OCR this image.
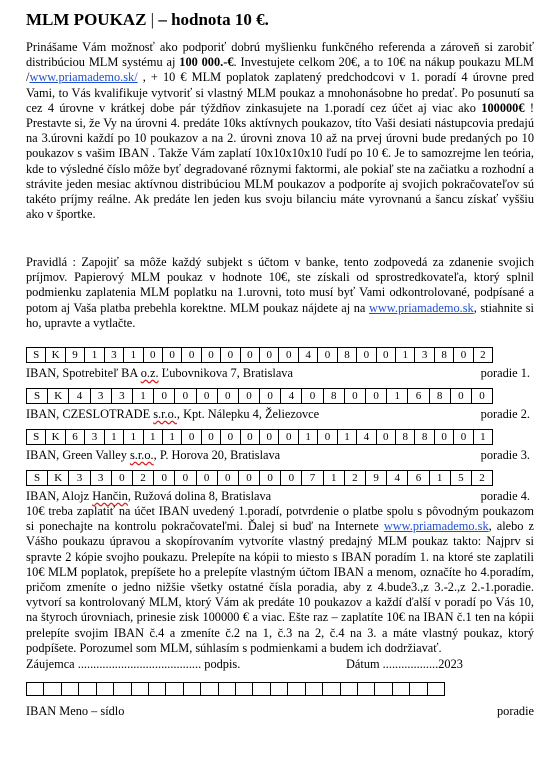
MLM POUKAZ | – hodnota 10 €.

Prinášame Vám možnosť ako podporiť dobrú myšlienku funkčného referenda a zároveň si zarobiť distribúciou MLM systému aj 100 000.-€. Investujete celkom 20€, a to 10€ na nákup poukazu MLM /www.priamademo.sk/ , + 10 € MLM poplatok zaplatený predchodcovi v 1. poradí 4 úrovne pred Vami, to Vás kvalifikuje vytvoriť si vlastný MLM poukaz a mnohonásobne ho predať. Po posunutí sa cez 4 úrovne v krátkej dobe pár týždňov zinkasujete na 1.poradí cez účet aj viac ako 100000€ ! Prestavte si, že Vy na úrovni 4. predáte 10ks aktívnych poukazov, títo Vaši desiati nástupcovia predajú na 3.úrovni každí po 10 poukazov a na 2. úrovni znova 10 až na prvej úrovni bude predaných po 10 poukazov s vašim IBAN . Takže Vám zaplatí 10x10x10x10 ľudí po 10 €. Je to samozrejme len teória, kde to výsledné číslo môže byť degradované rôznymi faktormi, ale pokiaľ ste na začiatku a rozhodní a strávite jeden mesiac aktívnou distribúciou MLM poukazov a podporíte aj svojich pokračovateľov sú takéto príjmy reálne. Ak predáte len jeden kus svoju bilanciu máte vyrovnanú a šancu získať vyššiu ako v športke.

Pravidlá : Zapojiť sa môže každý subjekt s účtom v banke, tento zodpovedá za zdanenie svojich príjmov. Papierový MLM poukaz v hodnote 10€, ste získali od sprostredkovateľa, ktorý splnil podmienku zaplatenia MLM poplatku na 1.urovni, toto musí byť Vami odkontrolované, podpísané a potom aj Vaša platba prebehla korektne. MLM poukaz nájdete aj na www.priamademo.sk, stiahnite si ho, upravte a vytlačte.

S	K	9	1	3	1	0	0	0	0	0	0	0	0	4	0	8	0	0	1	3	8	0	2
IBAN, Spotrebiteľ BA o.z. Ľubovnikova 7, Bratislava	poradie 1.
S	K	4	3	3	1	0	0	0	0	0	0	4	0	8	0	0	1	6	8	0	0
IBAN, CZESLOTRADE s.r.o., Kpt. Nálepku 4, Želiezovce	poradie 2.
S	K	6	3	1	1	1	1	0	0	0	0	0	0	1	0	1	4	0	8	8	0	0	1
IBAN, Green Valley s.r.o., P. Horova 20, Bratislava	poradie 3.
S	K	3	3	0	2	0	0	0	0	0	0	0	7	1	2	9	4	6	1	5	2
IBAN, Alojz Hančin, Ružová dolina 8, Bratislava	poradie 4.

10€ treba zaplatiť na účet IBAN uvedený 1.poradí, potvrdenie o platbe spolu s pôvodným poukazom si ponechajte na kontrolu pokračovateľmi. Ďalej si buď na Internete www.priamademo.sk, alebo z Vášho poukazu úpravou a skopírovaním vytvoríte vlastný predajný MLM poukaz takto: Najprv si spravte 2 kópie svojho poukazu. Prelepíte na kópii to miesto s IBAN poradím 1. na ktoré ste zaplatili 10€ MLM poplatok, prepíšete ho a prelepíte vlastným účtom IBAN a menom, označíte ho 4.poradím, pričom zmeníte o jedno nižšie všetky ostatné čísla poradia, aby z 4.bude3.,z 3.-2.,z 2.-1.poradie. vytvorí sa kontrolovaný MLM, ktorý Vám ak predáte 10 poukazov a každí ďalší v poradí po Vás 10, na štyroch úrovniach, prinesie zisk 100000 € a viac. Ešte raz – zaplatíte 10€ na IBAN č.1 ten na kópii prelepíte svojim IBAN č.4 a zmeníte č.2 na 1, č.3 na 2, č.4 na 3. a máte vlastný poukaz, ktorý podpíšete. Porozumel som MLM, súhlasím s podmienkami a budem ich dodržiavať.

Záujemca ........................................ podpis.	Dátum ..................2023
IBAN Meno – sídlo	poradie
